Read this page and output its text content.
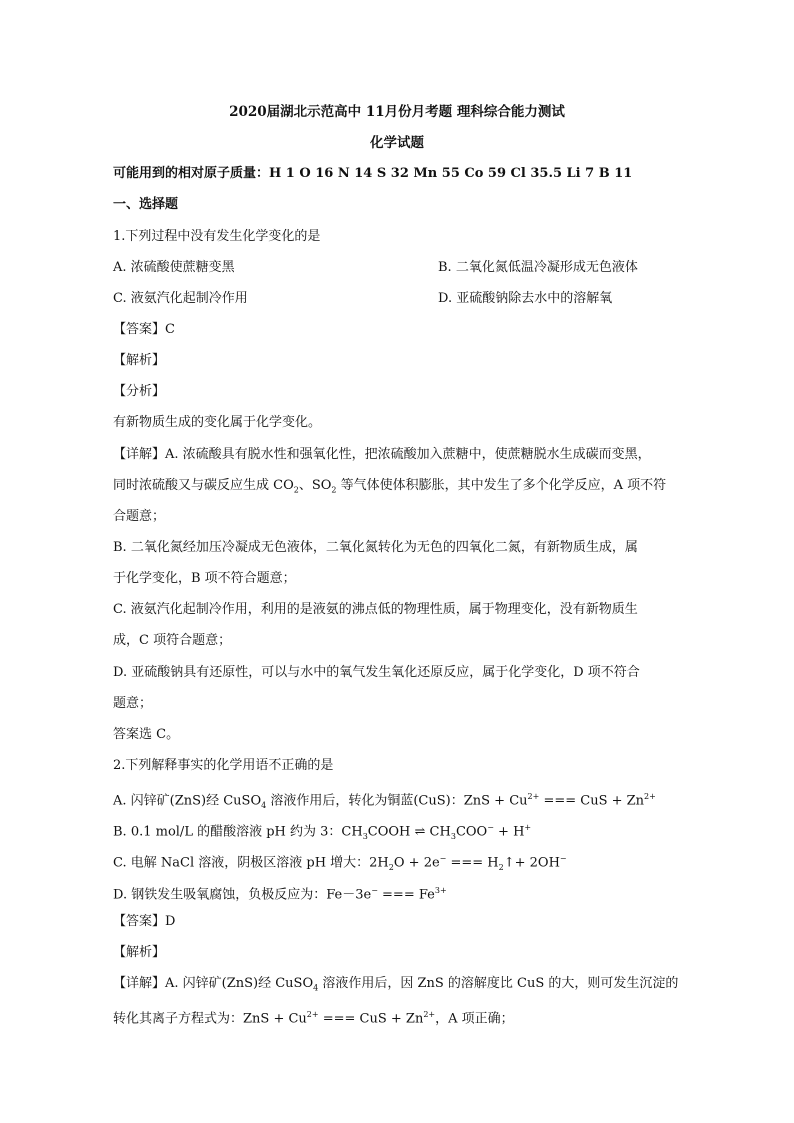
2020届湖北示范高中 11月份月考题 理科综合能力测试
化学试题
可能用到的相对原子质量：H 1 O 16 N 14 S 32 Mn 55 Co 59 Cl 35.5 Li 7 B 11
一、选择题
1.下列过程中没有发生化学变化的是
A. 浓硫酸使蔗糖变黑	B. 二氧化氮低温冷凝形成无色液体
C. 液氨汽化起制冷作用	D. 亚硫酸钠除去水中的溶解氧
【答案】C
【解析】
【分析】
有新物质生成的变化属于化学变化。
【详解】A. 浓硫酸具有脱水性和强氧化性，把浓硫酸加入蔗糖中，使蔗糖脱水生成碳而变黑，
同时浓硫酸又与碳反应生成 $CO_2$、$SO_2$ 等气体使体积膨胀，其中发生了多个化学反应，A 项不符
合题意；
B. 二氧化氮经加压冷凝成无色液体，二氧化氮转化为无色的四氧化二氮，有新物质生成，属
于化学变化，B 项不符合题意；
C. 液氨汽化起制冷作用，利用的是液氨的沸点低的物理性质，属于物理变化，没有新物质生
成，C 项符合题意；
D. 亚硫酸钠具有还原性，可以与水中的氧气发生氧化还原反应，属于化学变化，D 项不符合
题意；
答案选 C。
2.下列解释事实的化学用语不正确的是
A. 闪锌矿(ZnS)经 CuSO$_4$ 溶液作用后，转化为铜蓝(CuS)：ZnS + $Cu^{2+}$ === CuS + $Zn^{2+}$
B. 0.1 mol/L 的醋酸溶液 pH 约为 3：$CH_3COOH$ ⇌ $CH_3COO^- + H^+$
C. 电解 NaCl 溶液，阴极区溶液 pH 增大：$2H_2O + 2e^-$ === $H_2↑+ 2OH^-$
D. 钢铁发生吸氧腐蚀，负极反应为：Fe－3e− === $Fe^{3+}$
【答案】D
【解析】
【详解】A. 闪锌矿(ZnS)经 CuSO$_4$ 溶液作用后，因 ZnS 的溶解度比 CuS 的大，则可发生沉淀的
转化其离子方程式为：ZnS + $Cu^{2+}$ === CuS + $Zn^{2+}$，A 项正确；
